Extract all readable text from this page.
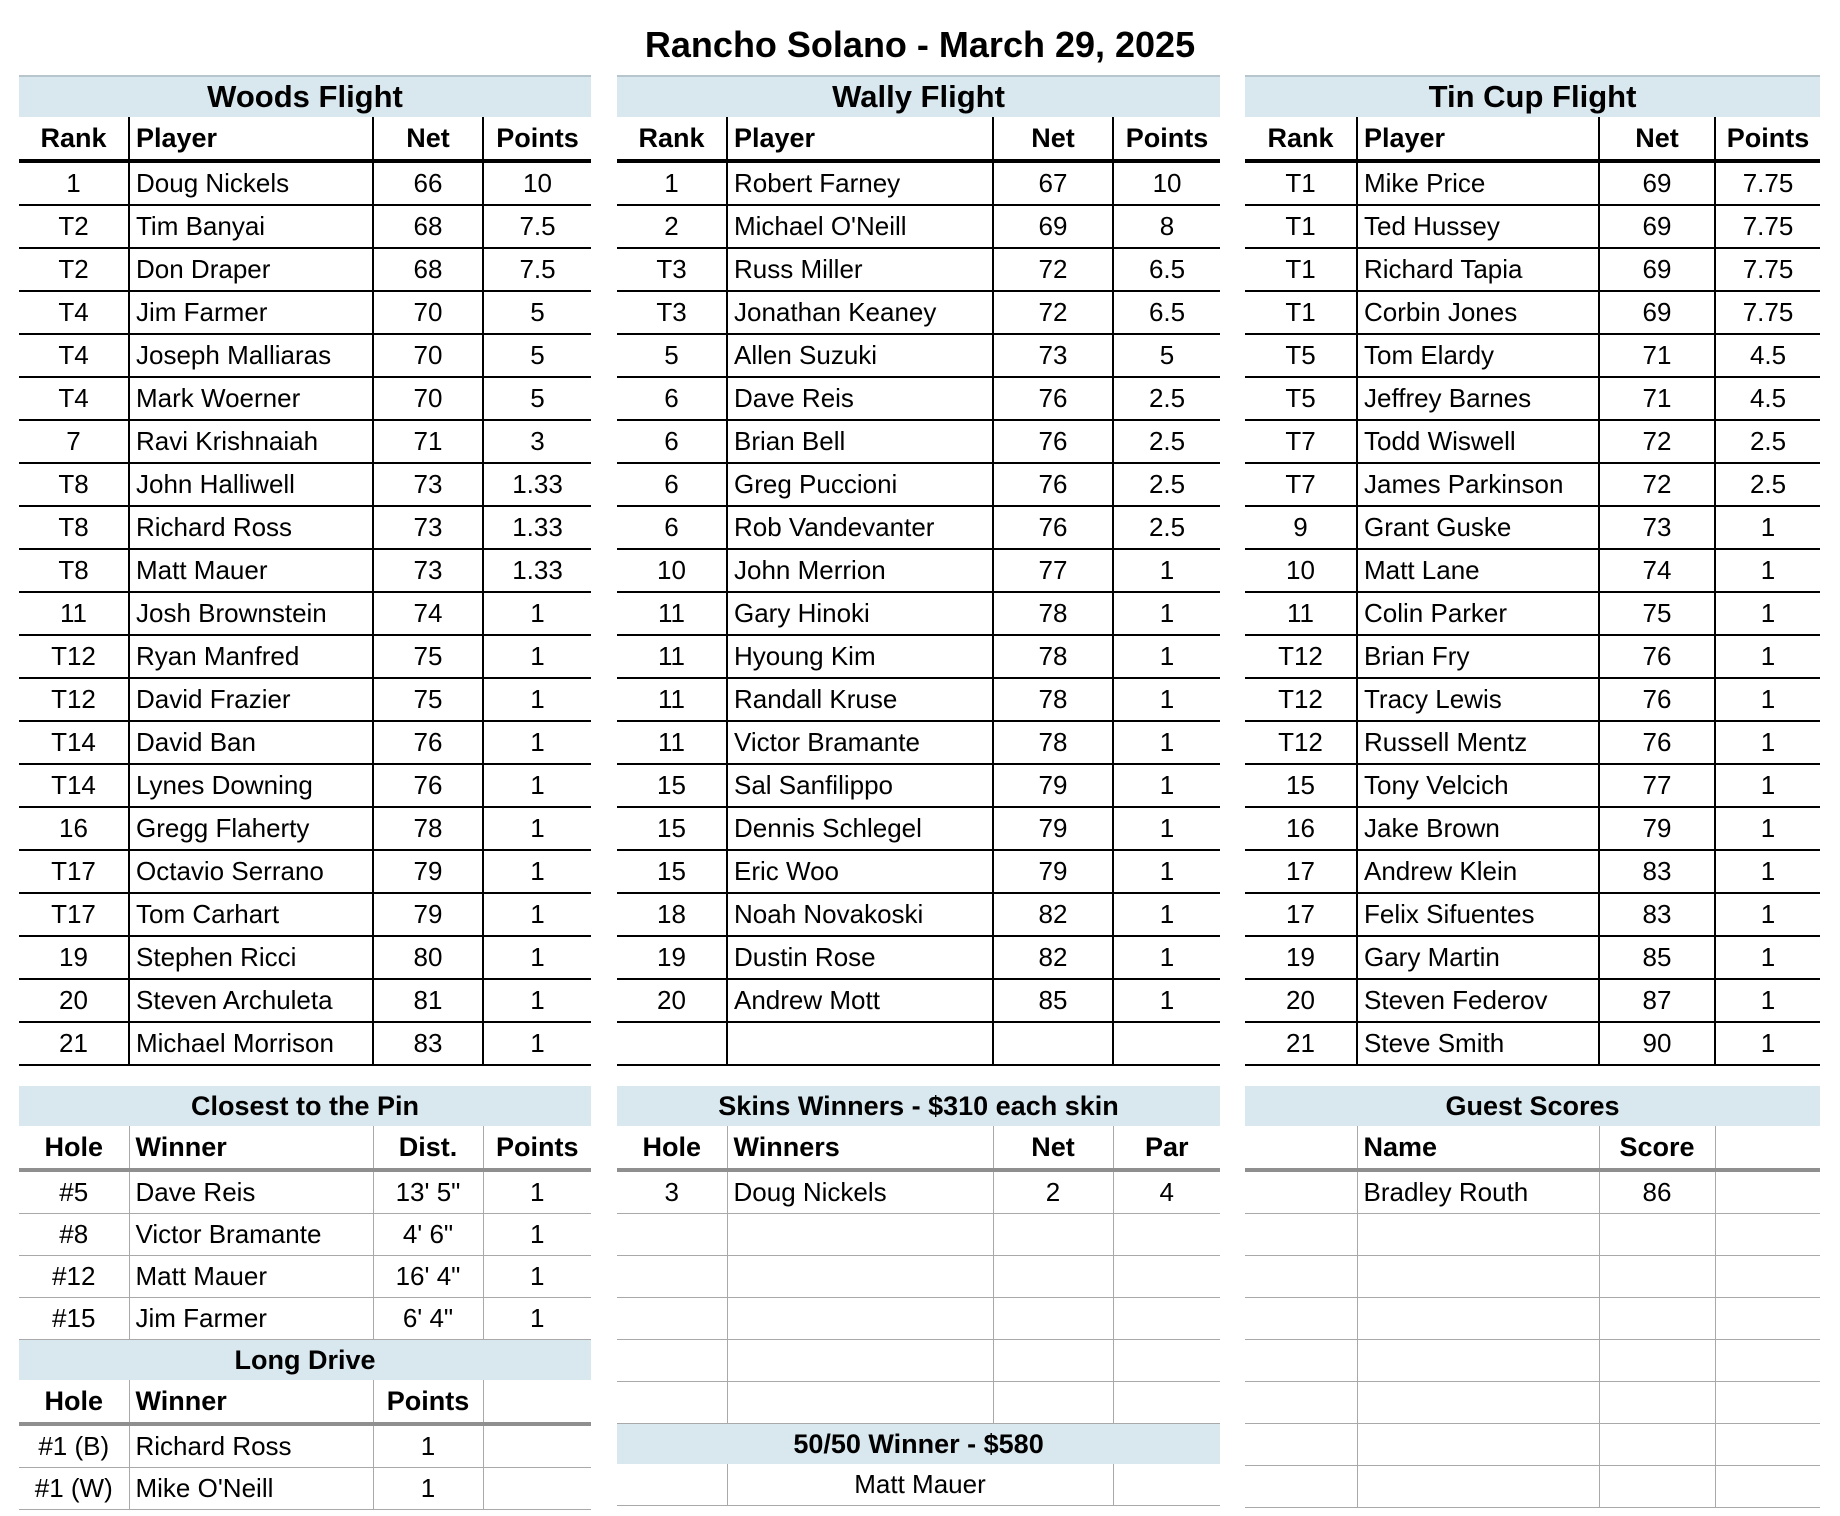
Rancho Solano - March 29, 2025
Woods Flight			
Rank	Player	Net	Points
1	Doug Nickels	66	10
T2	Tim Banyai	68	7.5
T2	Don Draper	68	7.5
T4	Jim Farmer	70	5
T4	Joseph Malliaras	70	5
T4	Mark Woerner	70	5
7	Ravi Krishnaiah	71	3
T8	John Halliwell	73	1.33
T8	Richard Ross	73	1.33
T8	Matt Mauer	73	1.33
11	Josh Brownstein	74	1
T12	Ryan Manfred	75	1
T12	David Frazier	75	1
T14	David Ban	76	1
T14	Lynes Downing	76	1
16	Gregg Flaherty	78	1
T17	Octavio Serrano	79	1
T17	Tom Carhart	79	1
19	Stephen Ricci	80	1
20	Steven Archuleta	81	1
21	Michael Morrison	83	1

Closest to the Pin			
Hole	Winner	Dist.	Points
#5	Dave Reis	13' 5"	1
#8	Victor Bramante	4' 6"	1
#12	Matt Mauer	16' 4"	1
#15	Jim Farmer	6' 4"	1
Long Drive			
Hole	Winner	Points	
#1 (B)	Richard Ross	1	
#1 (W)	Mike O'Neill	1	
Wally Flight			
Rank	Player	Net	Points
1	Robert Farney	67	10
2	Michael O'Neill	69	8
T3	Russ Miller	72	6.5
T3	Jonathan Keaney	72	6.5
5	Allen Suzuki	73	5
6	Dave Reis	76	2.5
6	Brian Bell	76	2.5
6	Greg Puccioni	76	2.5
6	Rob Vandevanter	76	2.5
10	John Merrion	77	1
11	Gary Hinoki	78	1
11	Hyoung Kim	78	1
11	Randall Kruse	78	1
11	Victor Bramante	78	1
15	Sal Sanfilippo	79	1
15	Dennis Schlegel	79	1
15	Eric Woo	79	1
18	Noah Novakoski	82	1
19	Dustin Rose	82	1
20	Andrew Mott	85	1

Skins Winners - $310 each skin			
Hole	Winners	Net	Par
3	Doug Nickels	2	4

50/50 Winner - $580			
	Matt Mauer		
Tin Cup Flight			
Rank	Player	Net	Points
T1	Mike Price	69	7.75
T1	Ted Hussey	69	7.75
T1	Richard Tapia	69	7.75
T1	Corbin Jones	69	7.75
T5	Tom Elardy	71	4.5
T5	Jeffrey Barnes	71	4.5
T7	Todd Wiswell	72	2.5
T7	James Parkinson	72	2.5
9	Grant Guske	73	1
10	Matt Lane	74	1
11	Colin Parker	75	1
T12	Brian Fry	76	1
T12	Tracy Lewis	76	1
T12	Russell Mentz	76	1
15	Tony Velcich	77	1
16	Jake Brown	79	1
17	Andrew Klein	83	1
17	Felix Sifuentes	83	1
19	Gary Martin	85	1
20	Steven Federov	87	1
21	Steve Smith	90	1

Guest Scores			
	Name	Score	
	Bradley Routh	86	
